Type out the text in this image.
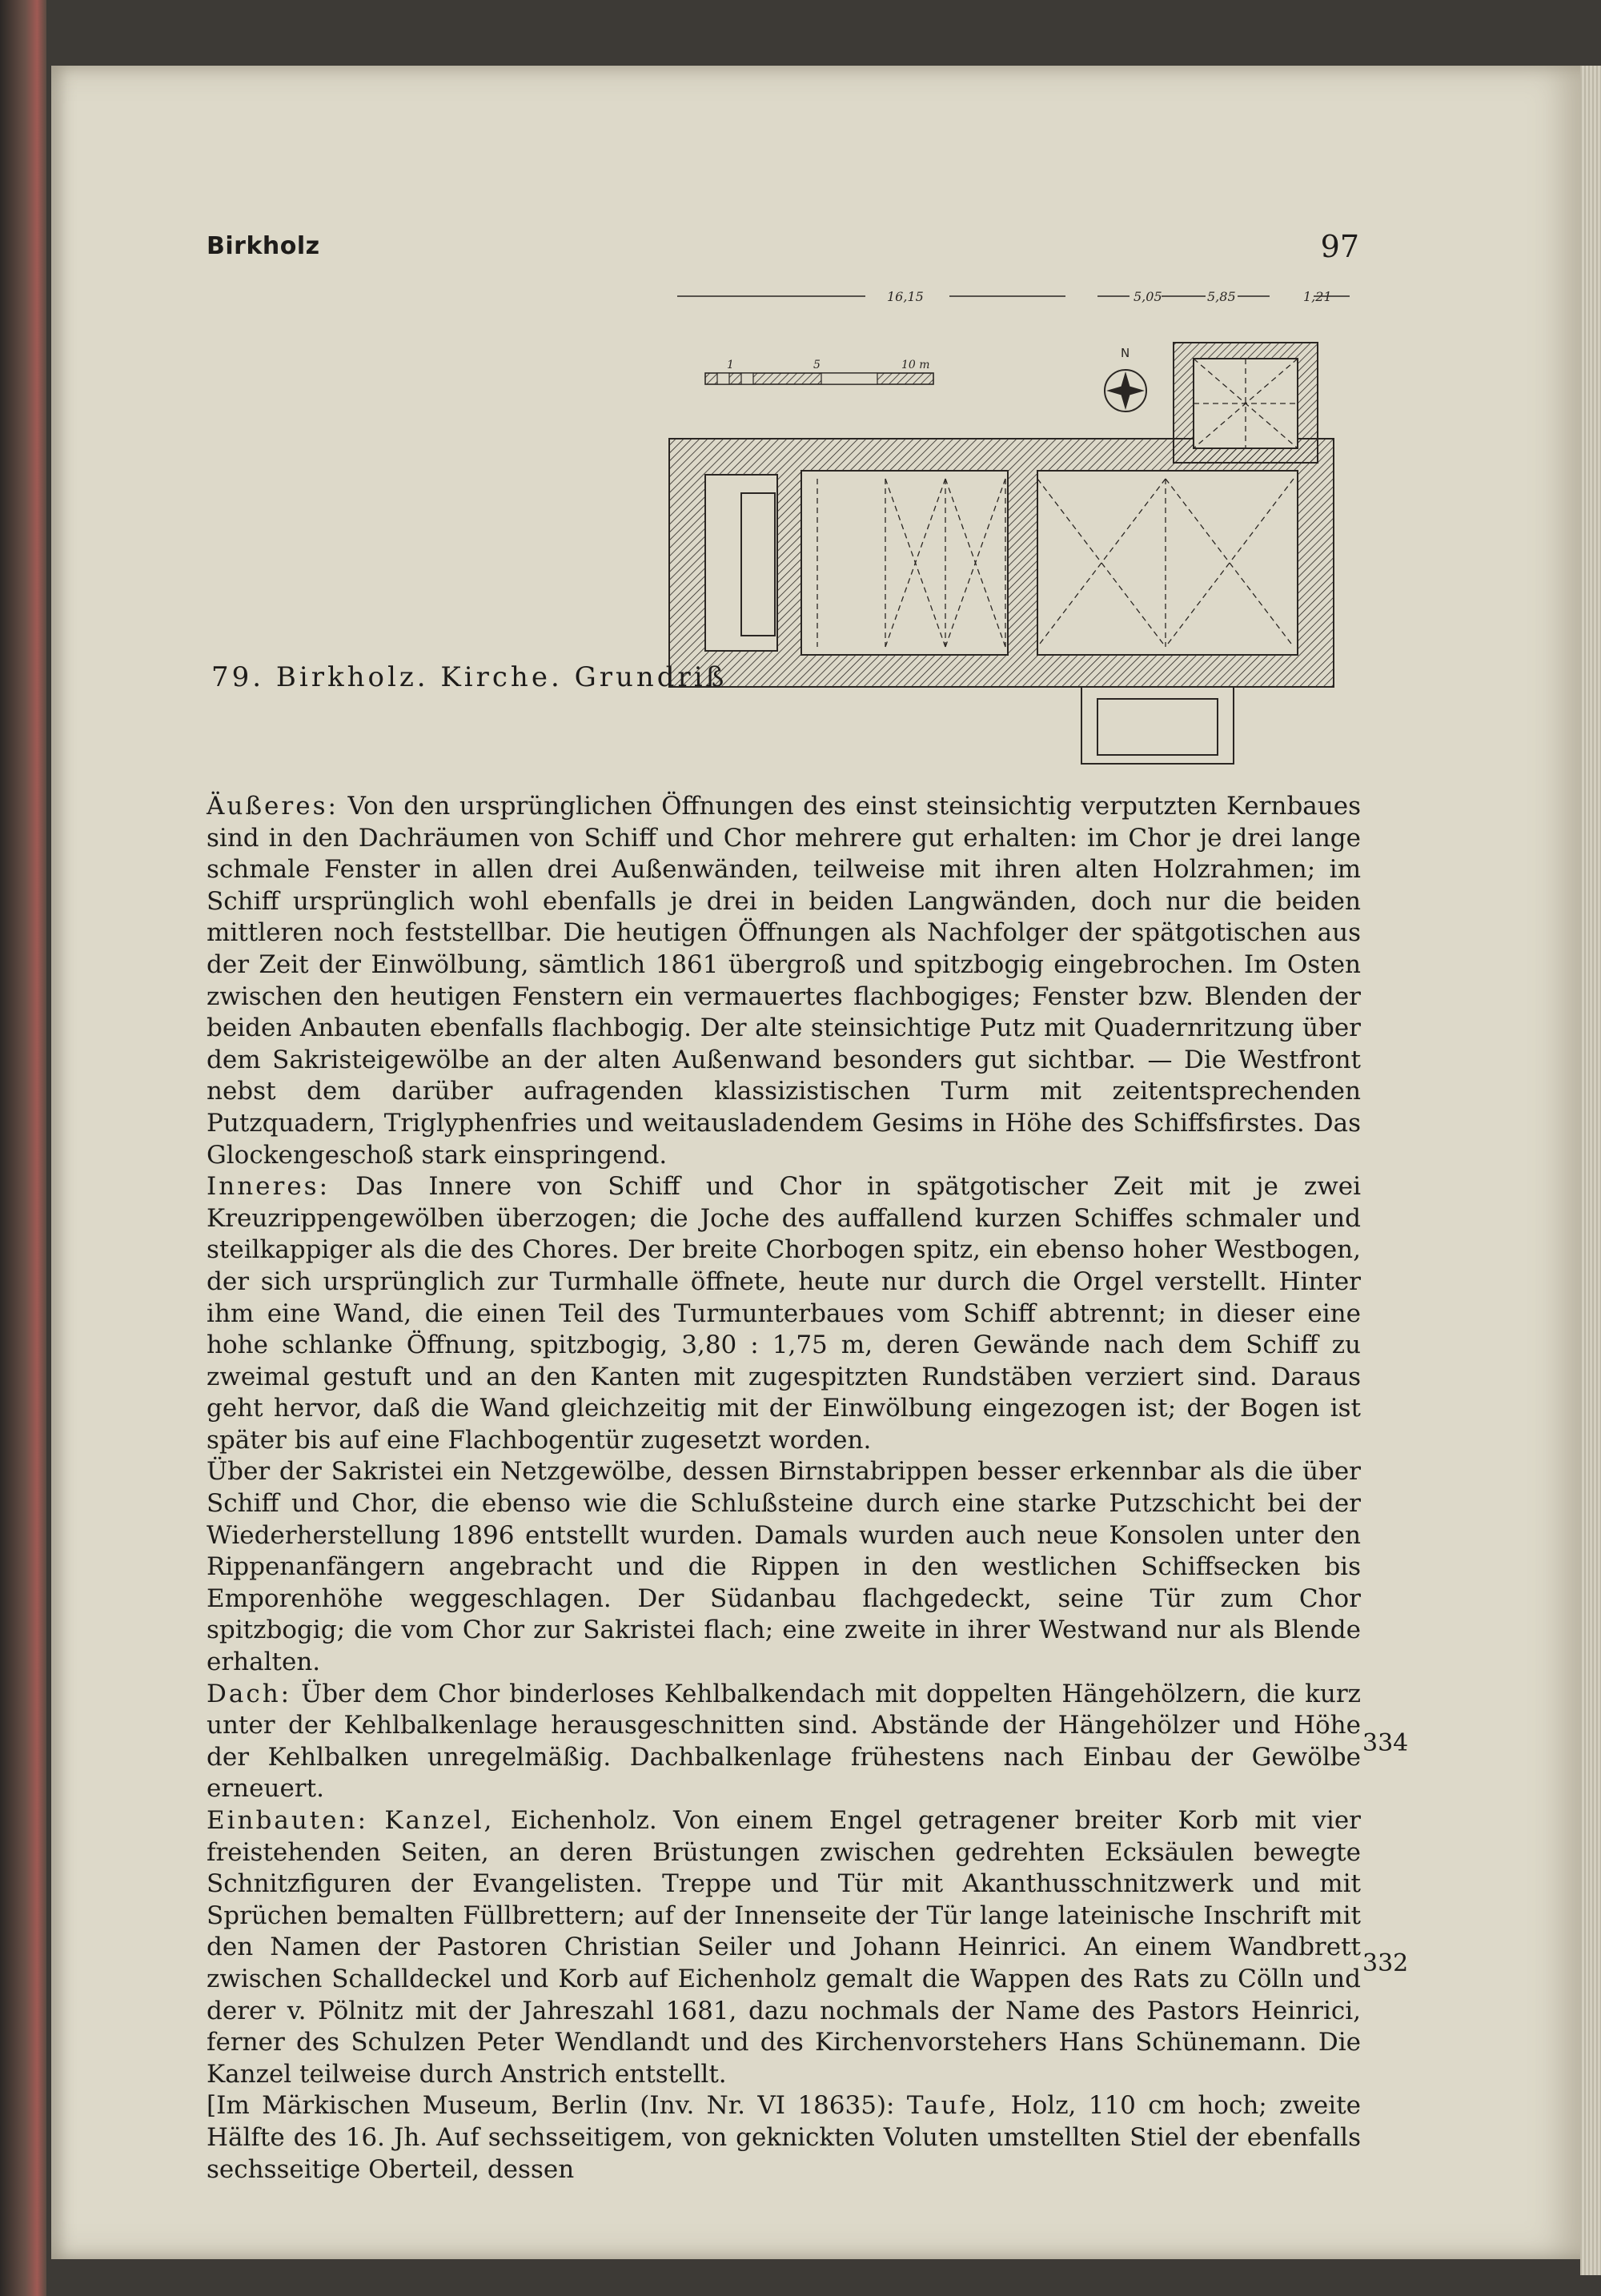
Birkholz	97
16,15	5,05	5,85	1,21
1	5	10 m
N
79. Birkholz. Kirche. Grundriß

Äußeres: Von den ursprünglichen Öffnungen des einst steinsichtig verputzten Kernbaues sind in den Dachräumen von Schiff und Chor mehrere gut erhalten: im Chor je drei lange schmale Fenster in allen drei Außenwänden, teilweise mit ihren alten Holzrahmen; im Schiff ursprünglich wohl ebenfalls je drei in beiden Langwänden, doch nur die beiden mittleren noch feststellbar. Die heutigen Öffnungen als Nachfolger der spätgotischen aus der Zeit der Einwölbung, sämtlich 1861 übergroß und spitzbogig eingebrochen. Im Osten zwischen den heutigen Fenstern ein vermauertes flachbogiges; Fenster bzw. Blenden der beiden Anbauten ebenfalls flachbogig. Der alte steinsichtige Putz mit Quadernritzung über dem Sakristeigewölbe an der alten Außenwand besonders gut sichtbar. — Die Westfront nebst dem darüber aufragenden klassizistischen Turm mit zeitentsprechenden Putzquadern, Triglyphenfries und weitausladendem Gesims in Höhe des Schiffsfirstes. Das Glockengeschoß stark einspringend.

Inneres: Das Innere von Schiff und Chor in spätgotischer Zeit mit je zwei Kreuzrippengewölben überzogen; die Joche des auffallend kurzen Schiffes schmaler und steilkappiger als die des Chores. Der breite Chorbogen spitz, ein ebenso hoher Westbogen, der sich ursprünglich zur Turmhalle öffnete, heute nur durch die Orgel verstellt. Hinter ihm eine Wand, die einen Teil des Turmunterbaues vom Schiff abtrennt; in dieser eine hohe schlanke Öffnung, spitzbogig, 3,80 : 1,75 m, deren Gewände nach dem Schiff zu zweimal gestuft und an den Kanten mit zugespitzten Rundstäben verziert sind. Daraus geht hervor, daß die Wand gleichzeitig mit der Einwölbung eingezogen ist; der Bogen ist später bis auf eine Flachbogentür zugesetzt worden.

Über der Sakristei ein Netzgewölbe, dessen Birnstabrippen besser erkennbar als die über Schiff und Chor, die ebenso wie die Schlußsteine durch eine starke Putzschicht bei der Wiederherstellung 1896 entstellt wurden. Damals wurden auch neue Konsolen unter den Rippenanfängern angebracht und die Rippen in den westlichen Schiffsecken bis Emporenhöhe weggeschlagen. Der Südanbau flachgedeckt, seine Tür zum Chor spitzbogig; die vom Chor zur Sakristei flach; eine zweite in ihrer Westwand nur als Blende erhalten.

Dach: Über dem Chor binderloses Kehlbalkendach mit doppelten Hängehölzern, die kurz unter der Kehlbalkenlage herausgeschnitten sind. Abstände der Hängehölzer und Höhe der Kehlbalken unregelmäßig. Dachbalkenlage frühestens nach Einbau der Gewölbe erneuert.

Einbauten: Kanzel, Eichenholz. Von einem Engel getragener breiter Korb mit vier freistehenden Seiten, an deren Brüstungen zwischen gedrehten Ecksäulen bewegte Schnitzfiguren der Evangelisten. Treppe und Tür mit Akanthusschnitzwerk und mit Sprüchen bemalten Füllbrettern; auf der Innenseite der Tür lange lateinische Inschrift mit den Namen der Pastoren Christian Seiler und Johann Heinrici. An einem Wandbrett zwischen Schalldeckel und Korb auf Eichenholz gemalt die Wappen des Rats zu Cölln und derer v. Pölnitz mit der Jahreszahl 1681, dazu nochmals der Name des Pastors Heinrici, ferner des Schulzen Peter Wendlandt und des Kirchenvorstehers Hans Schünemann. Die Kanzel teilweise durch Anstrich entstellt.

[Im Märkischen Museum, Berlin (Inv. Nr. VI 18635): Taufe, Holz, 110 cm hoch; zweite Hälfte des 16. Jh. Auf sechsseitigem, von geknickten Voluten umstellten Stiel der ebenfalls sechsseitige Oberteil, dessen

334
332
